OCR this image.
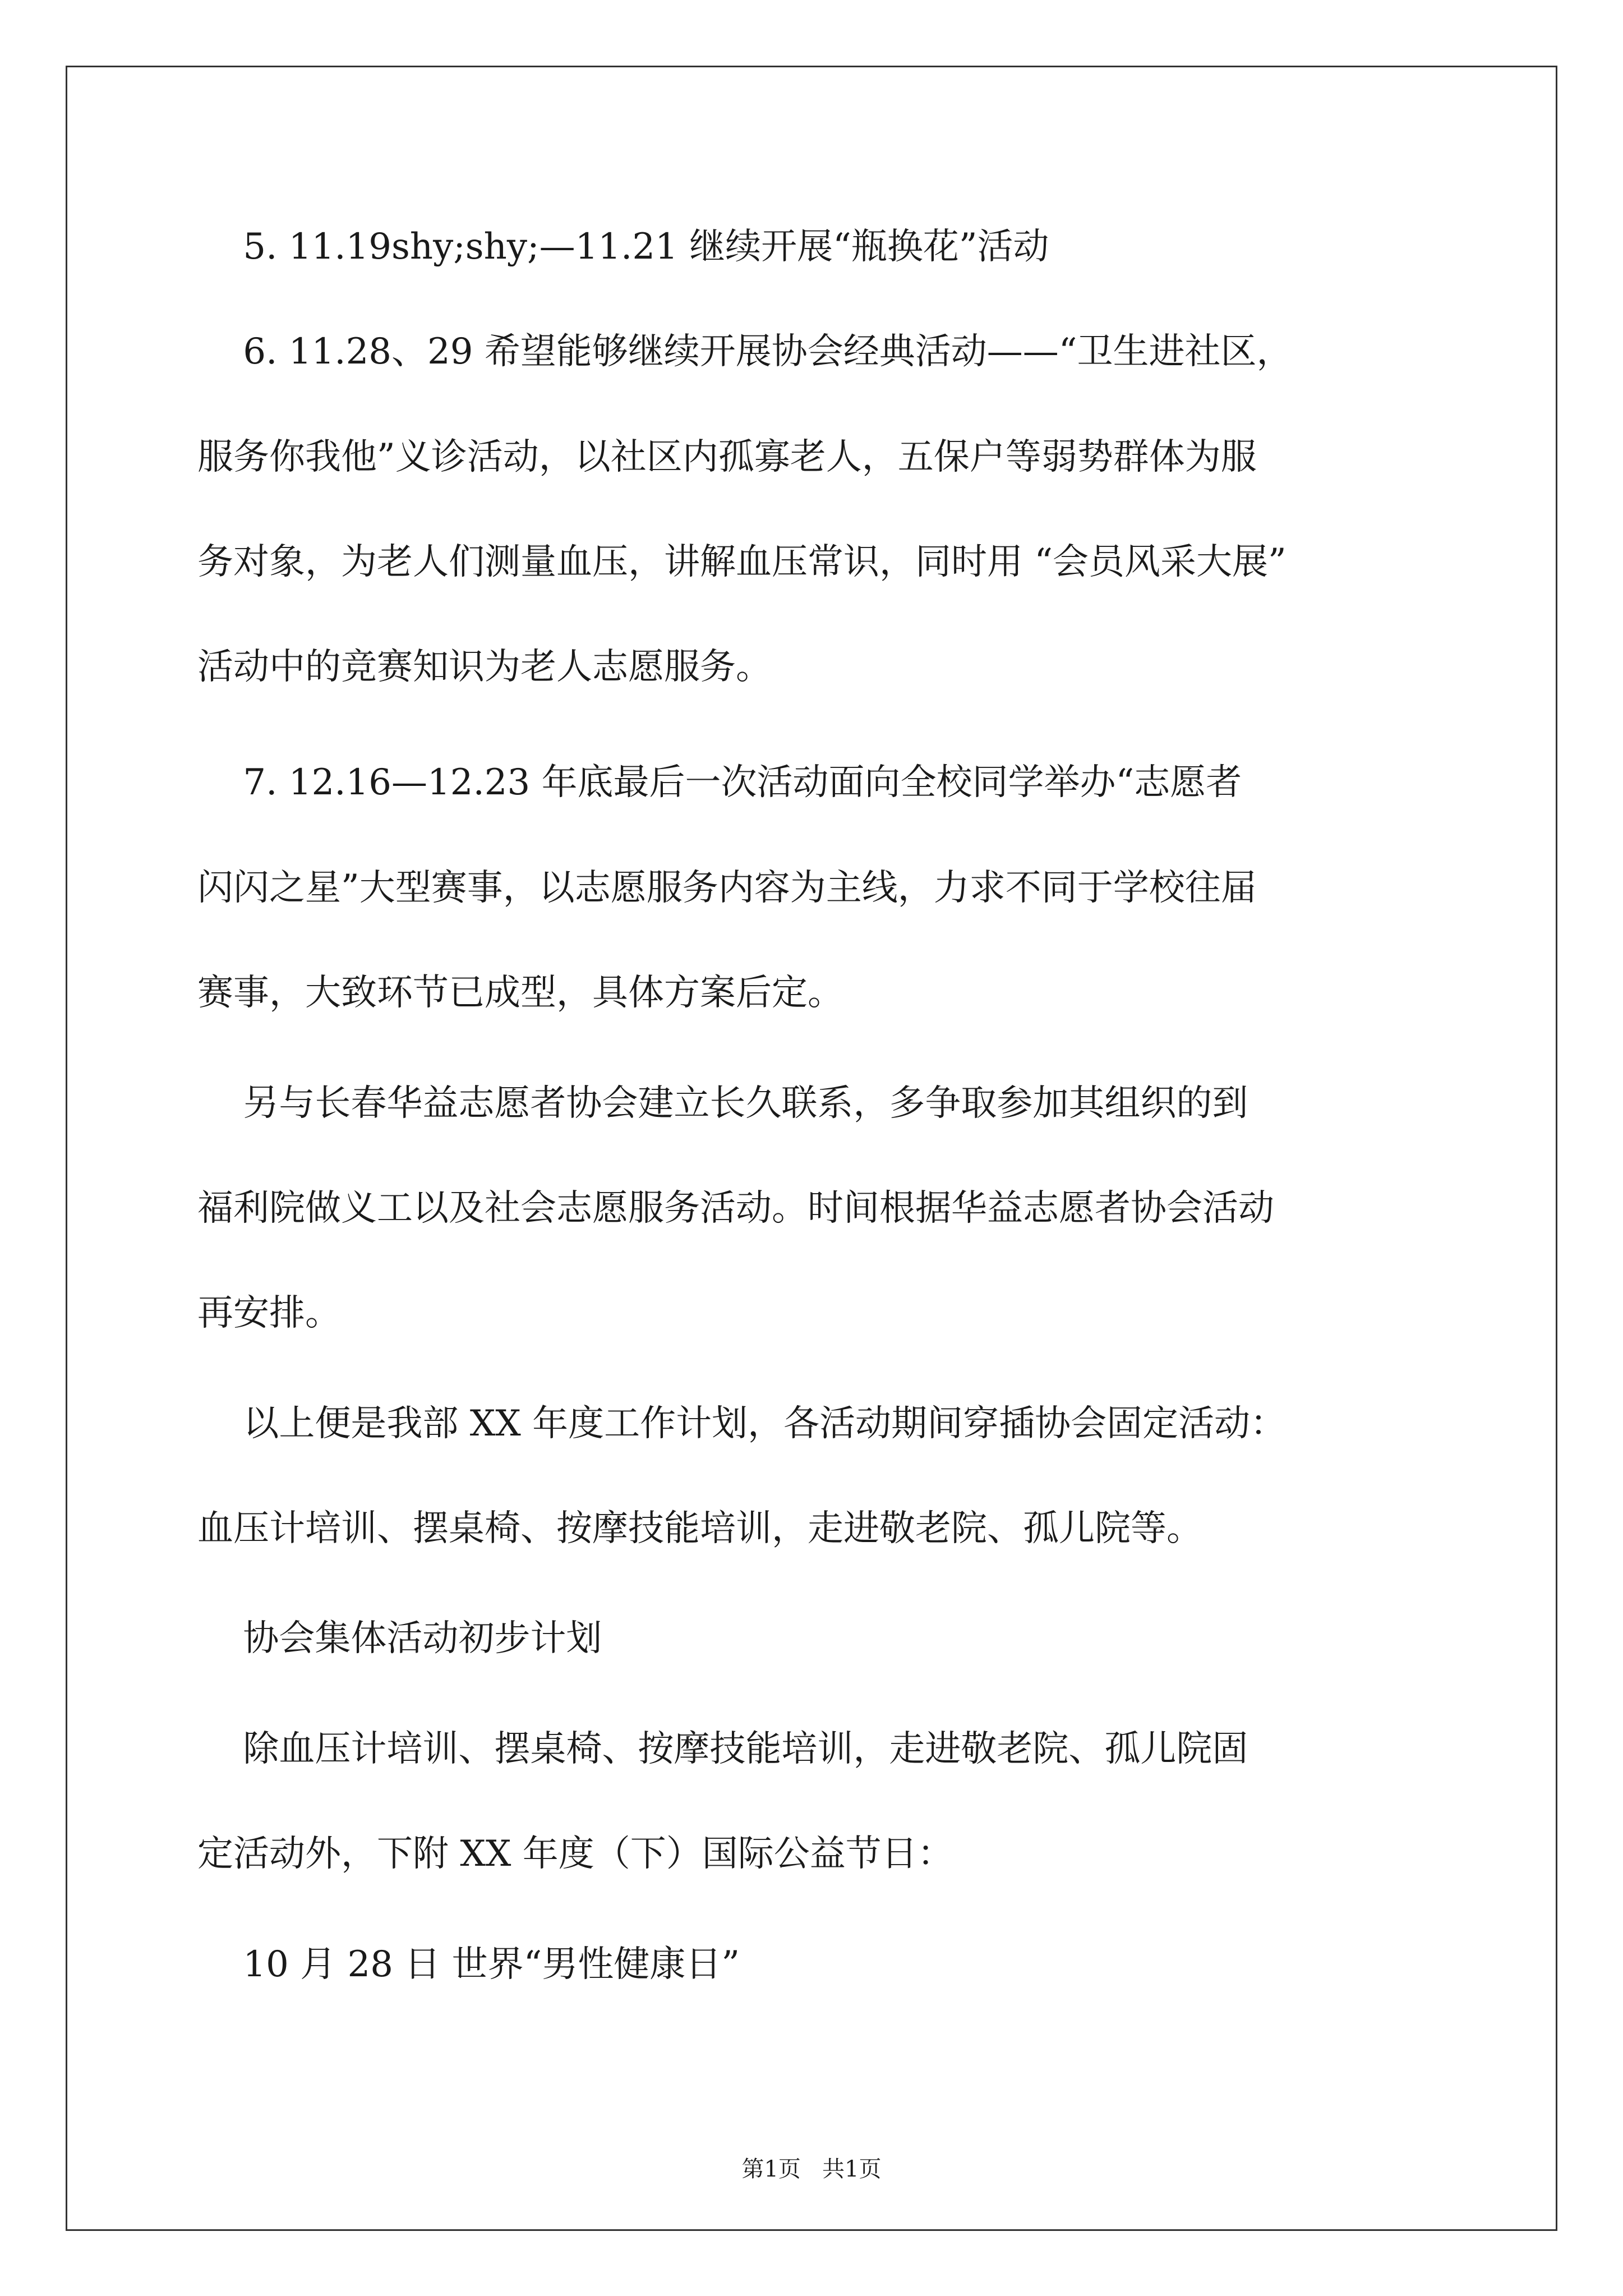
5. 11.19shy;shy;—11.21 继续开展“瓶换花”活动
6. 11.28、29 希望能够继续开展协会经典活动——“卫生进社区，
服务你我他”义诊活动，以社区内孤寡老人，五保户等弱势群体为服
务对象，为老人们测量血压，讲解血压常识，同时用 “会员风采大展”
活动中的竞赛知识为老人志愿服务。
7. 12.16—12.23 年底最后一次活动面向全校同学举办“志愿者
闪闪之星”大型赛事，以志愿服务内容为主线，力求不同于学校往届
赛事，大致环节已成型，具体方案后定。
另与长春华益志愿者协会建立长久联系，多争取参加其组织的到
福利院做义工以及社会志愿服务活动。时间根据华益志愿者协会活动
再安排。
以上便是我部 XX 年度工作计划，各活动期间穿插协会固定活动：
血压计培训、摆桌椅、按摩技能培训，走进敬老院、孤儿院等。
协会集体活动初步计划
除血压计培训、摆桌椅、按摩技能培训，走进敬老院、孤儿院固
定活动外，下附 XX 年度（下）国际公益节日：
10 月 28 日 世界“男性健康日”
第1页   共1页
